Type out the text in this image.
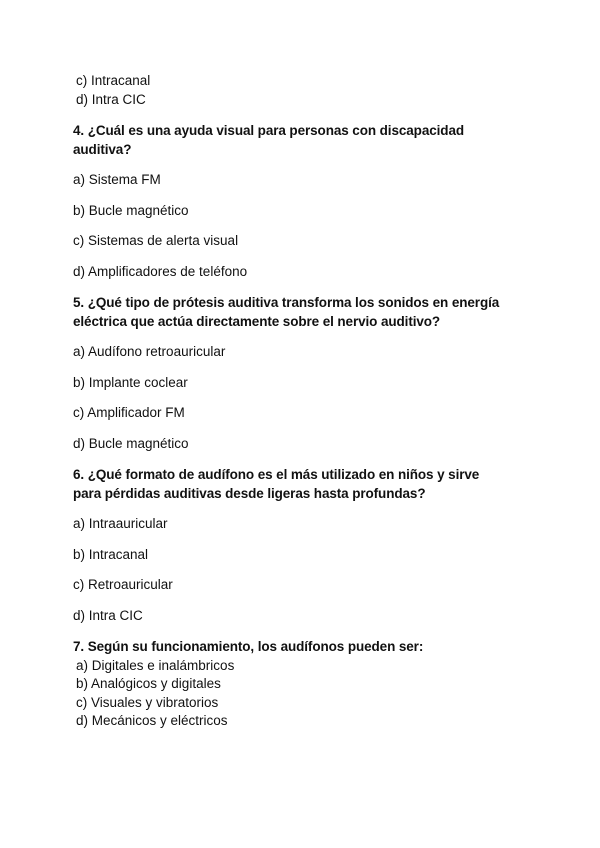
c) Intracanal
d) Intra CIC
4. ¿Cuál es una ayuda visual para personas con discapacidad
auditiva?
a) Sistema FM
b) Bucle magnético
c) Sistemas de alerta visual
d) Amplificadores de teléfono
5. ¿Qué tipo de prótesis auditiva transforma los sonidos en energía
eléctrica que actúa directamente sobre el nervio auditivo?
a) Audífono retroauricular
b) Implante coclear
c) Amplificador FM
d) Bucle magnético
6. ¿Qué formato de audífono es el más utilizado en niños y sirve
para pérdidas auditivas desde ligeras hasta profundas?
a) Intraauricular
b) Intracanal
c) Retroauricular
d) Intra CIC
7. Según su funcionamiento, los audífonos pueden ser:
a) Digitales e inalámbricos
b) Analógicos y digitales
c) Visuales y vibratorios
d) Mecánicos y eléctricos
